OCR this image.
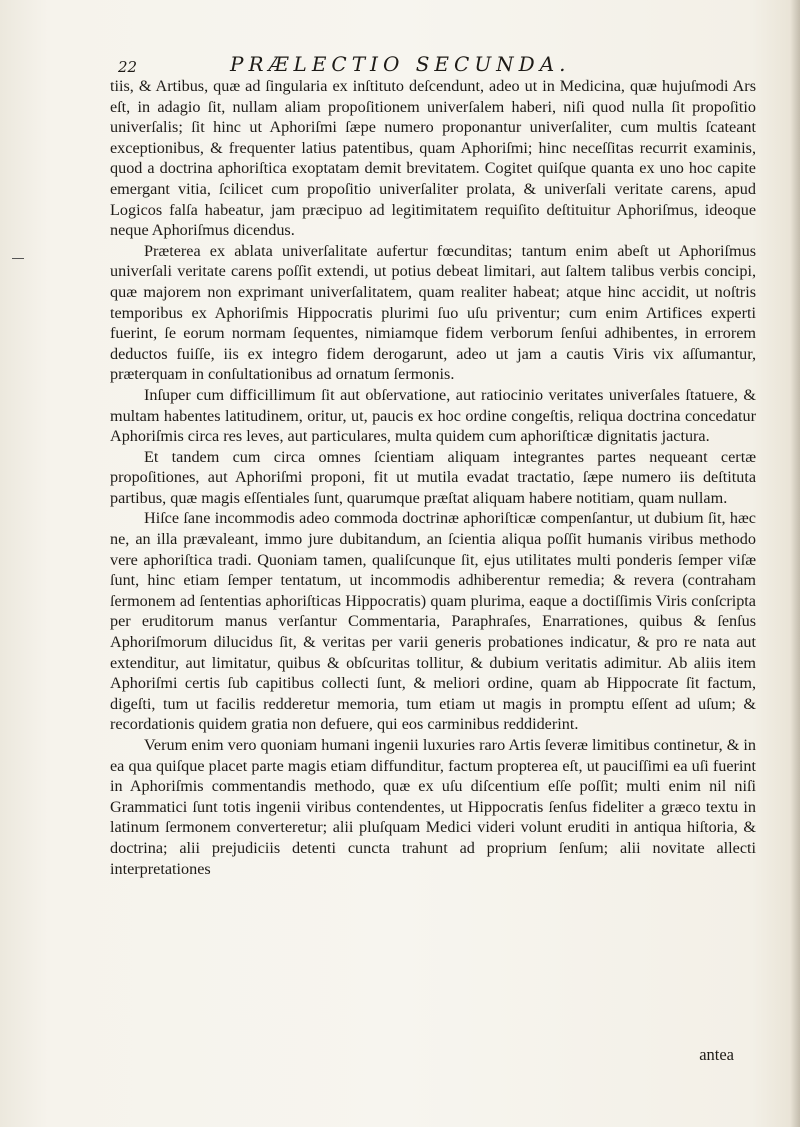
22	PRÆLECTIO SECUNDA.

tiis, & Artibus, quæ ad ſingularia ex inſtituto deſcendunt, adeo ut in Medicina, quæ hujuſmodi Ars eſt, in adagio ſit, nullam aliam propoſitionem univerſalem haberi, niſi quod nulla ſit propoſitio univerſalis; ſit hinc ut Aphoriſmi ſæpe numero proponantur univerſaliter, cum multis ſcateant exceptionibus, & frequenter latius patentibus, quam Aphoriſmi; hinc neceſſitas recurrit examinis, quod a doctrina aphoriſtica exoptatam demit brevitatem. Cogitet quiſque quanta ex uno hoc capite emergant vitia, ſcilicet cum propoſitio univerſaliter prolata, & univerſali veritate carens, apud Logicos falſa habeatur, jam præcipuo ad legitimitatem requiſito deſtituitur Aphoriſmus, ideoque neque Aphoriſmus dicendus.

Præterea ex ablata univerſalitate aufertur fœcunditas; tantum enim abeſt ut Aphoriſmus univerſali veritate carens poſſit extendi, ut potius debeat limitari, aut ſaltem talibus verbis concipi, quæ majorem non exprimant univerſalitatem, quam realiter habeat; atque hinc accidit, ut noſtris temporibus ex Aphoriſmis Hippocratis plurimi ſuo uſu priventur; cum enim Artifices experti fuerint, ſe eorum normam ſequentes, nimiamque fidem verborum ſenſui adhibentes, in errorem deductos fuiſſe, iis ex integro fidem derogarunt, adeo ut jam a cautis Viris vix aſſumantur, præterquam in conſultationibus ad ornatum ſermonis.

Inſuper cum difficillimum ſit aut obſervatione, aut ratiocinio veritates univerſales ſtatuere, & multam habentes latitudinem, oritur, ut, paucis ex hoc ordine congeſtis, reliqua doctrina concedatur Aphoriſmis circa res leves, aut particulares, multa quidem cum aphoriſticæ dignitatis jactura.

Et tandem cum circa omnes ſcientiam aliquam integrantes partes nequeant certæ propoſitiones, aut Aphoriſmi proponi, fit ut mutila evadat tractatio, ſæpe numero iis deſtituta partibus, quæ magis eſſentiales ſunt, quarumque præſtat aliquam habere notitiam, quam nullam.

Hiſce ſane incommodis adeo commoda doctrinæ aphoriſticæ compenſantur, ut dubium ſit, hæc ne, an illa prævaleant, immo jure dubitandum, an ſcientia aliqua poſſit humanis viribus methodo vere aphoriſtica tradi. Quoniam tamen, qualiſcunque ſit, ejus utilitates multi ponderis ſemper viſæ ſunt, hinc etiam ſemper tentatum, ut incommodis adhiberentur remedia; & revera (contraham ſermonem ad ſententias aphoriſticas Hippocratis) quam plurima, eaque a doctiſſimis Viris conſcripta per eruditorum manus verſantur Commentaria, Paraphraſes, Enarrationes, quibus & ſenſus Aphoriſmorum dilucidus ſit, & veritas per varii generis probationes indicatur, & pro re nata aut extenditur, aut limitatur, quibus & obſcuritas tollitur, & dubium veritatis adimitur. Ab aliis item Aphoriſmi certis ſub capitibus collecti ſunt, & meliori ordine, quam ab Hippocrate ſit factum, digeſti, tum ut facilis redderetur memoria, tum etiam ut magis in promptu eſſent ad uſum; & recordationis quidem gratia non defuere, qui eos carminibus reddiderint.

Verum enim vero quoniam humani ingenii luxuries raro Artis ſeveræ limitibus continetur, & in ea qua quiſque placet parte magis etiam diffunditur, factum propterea eſt, ut pauciſſimi ea uſi fuerint in Aphoriſmis commentandis methodo, quæ ex uſu diſcentium eſſe poſſit; multi enim nil niſi Grammatici ſunt totis ingenii viribus contendentes, ut Hippocratis ſenſus fideliter a græco textu in latinum ſermonem converteretur; alii pluſquam Medici videri volunt eruditi in antiqua hiſtoria, & doctrina; alii prejudiciis detenti cuncta trahunt ad proprium ſenſum; alii novitate allecti interpretationes

antea
